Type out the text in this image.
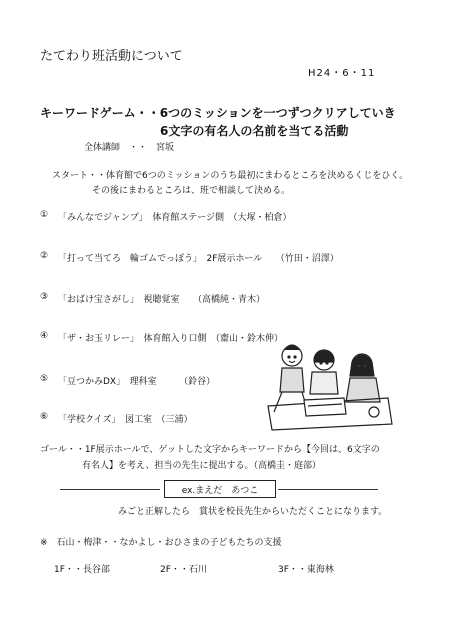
たてわり班活動について
H24・6・11
キーワードゲーム・・6つのミッションを一つずつクリアしていき
6文字の有名人の名前を当てる活動
全体講師　・・　宮坂
スタート・・体育館で6つのミッションのうち最初にまわるところを決めるくじをひく。
その後にまわるところは、班で相談して決める。
① 「みんなでジャンプ」　体育館ステージ側　（大塚・柏倉）
② 「打って当てろ　輪ゴムでっぽう」　2F展示ホール　　（竹田・沼澤）
③ 「おばけ宝さがし」　視聴覚室　　（高橋純・青木）
④ 「ザ・お玉リレー」　体育館入り口側　（齋山・鈴木伸）
⑤ 「豆つかみDX」　理科室　　　（鈴谷）
⑥ 「学校クイズ」　図工室　（三浦）
ゴール・・1F展示ホールで、ゲットした文字からキーワードから【今回は、6文字の
有名人】を考え、担当の先生に提出する。（高橋圭・庭部）
ex.まえだ　あつこ
みごと正解したら　賞状を校長先生からいただくことになります。
※　石山・梅津・・なかよし・おひさまの子どもたちの支援
1F・・長谷部	2F・・石川	3F・・東海林
